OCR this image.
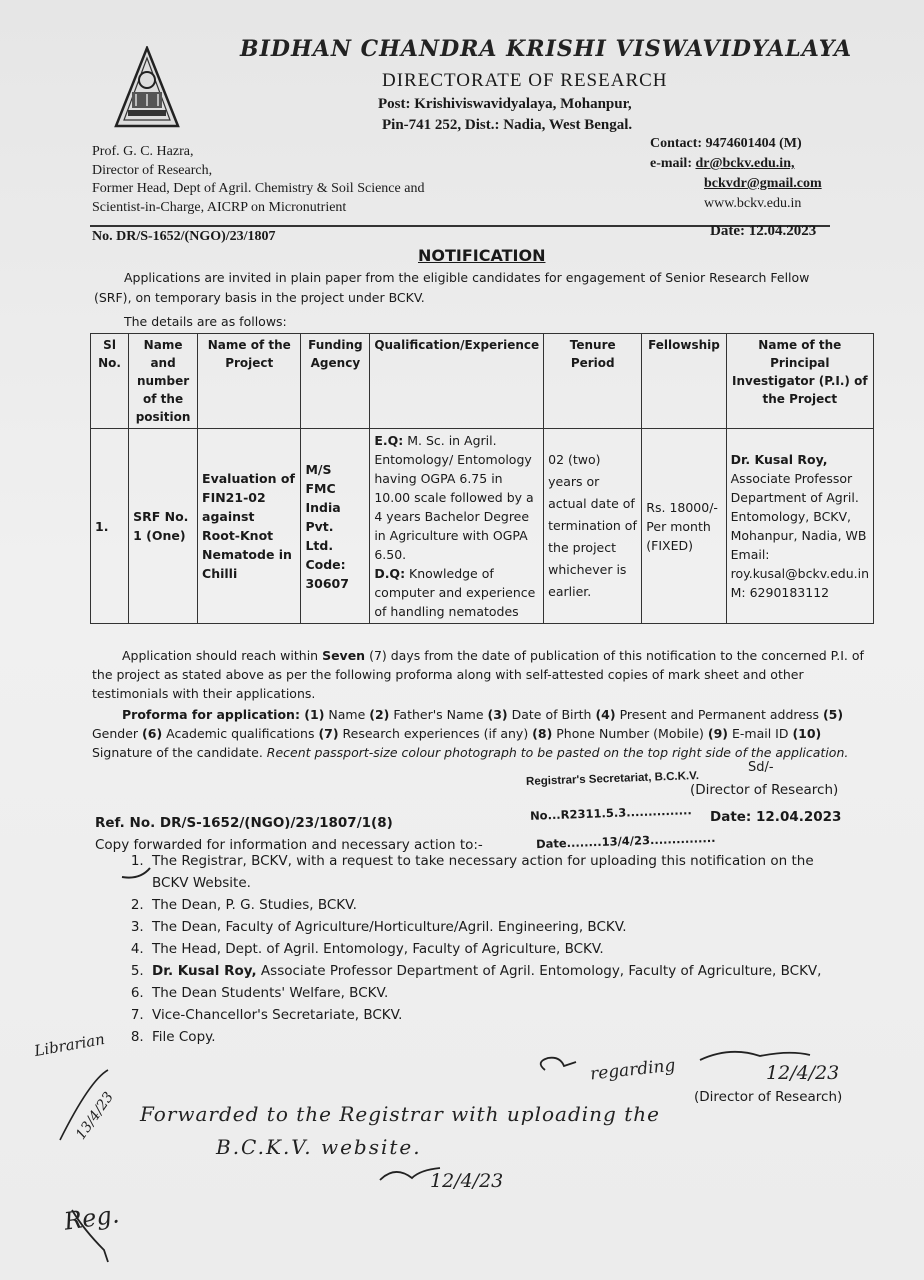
BIDHAN CHANDRA KRISHI VISWAVIDYALAYA
DIRECTORATE OF RESEARCH
Post: Krishiviswavidyalaya, Mohanpur,
Pin-741 252, Dist.: Nadia, West Bengal.
Prof. G. C. Hazra,
Director of Research,
Former Head, Dept of Agril. Chemistry & Soil Science and
Scientist-in-Charge, AICRP on Micronutrient
Contact: 9474601404 (M)
e-mail: dr@bckv.edu.in,
bckvdr@gmail.com
www.bckv.edu.in
No. DR/S-1652/(NGO)/23/1807	Date: 12.04.2023
NOTIFICATION
Applications are invited in plain paper from the eligible candidates for engagement of Senior Research Fellow
(SRF), on temporary basis in the project under BCKV.
The details are as follows:
Sl No.	Name and number of the position	Name of the Project	Funding Agency	Qualification/Experience	Tenure Period	Fellowship	Name of the Principal Investigator (P.I.) of the Project
1.	SRF No. 1 (One)	Evaluation of FIN21-02 against Root-Knot Nematode in Chilli	M/S FMC India Pvt. Ltd. Code: 30607	E.Q: M. Sc. in Agril. Entomology/ Entomology having OGPA 6.75 in 10.00 scale followed by a 4 years Bachelor Degree in Agriculture with OGPA 6.50.
D.Q: Knowledge of computer and experience of handling nematodes	02 (two) years or actual date of termination of the project whichever is earlier.	Rs. 18000/- Per month (FIXED)	Dr. Kusal Roy,
Associate Professor Department of Agril. Entomology, BCKV, Mohanpur, Nadia, WB Email: roy.kusal@bckv.edu.in M: 6290183112
Application should reach within Seven (7) days from the date of publication of this notification to the concerned P.I. of the project as stated above as per the following proforma along with self-attested copies of mark sheet and other testimonials with their applications.
Proforma for application: (1) Name (2) Father's Name (3) Date of Birth (4) Present and Permanent address (5) Gender (6) Academic qualifications (7) Research experiences (if any) (8) Phone Number (Mobile) (9) E-mail ID (10) Signature of the candidate. Recent passport-size colour photograph to be pasted on the top right side of the application.
Sd/-
(Director of Research)
Registrar's Secretariat, B.C.K.V.
No...R2311.5.3...............
Date........13/4/23...............
Ref. No. DR/S-1652/(NGO)/23/1807/1(8)	Date: 12.04.2023
Copy forwarded for information and necessary action to:-
1. The Registrar, BCKV, with a request to take necessary action for uploading this notification on the BCKV Website.
2. The Dean, P. G. Studies, BCKV.
3. The Dean, Faculty of Agriculture/Horticulture/Agril. Engineering, BCKV.
4. The Head, Dept. of Agril. Entomology, Faculty of Agriculture, BCKV.
5. Dr. Kusal Roy, Associate Professor Department of Agril. Entomology, Faculty of Agriculture, BCKV,
6. The Dean Students' Welfare, BCKV.
7. Vice-Chancellor's Secretariate, BCKV.
8. File Copy.
(Director of Research)
Librarian
13/4/23
regarding	12/4/23
Forwarded to the Registrar with uploading the
B.C.K.V. website.
12/4/23
Reg.
